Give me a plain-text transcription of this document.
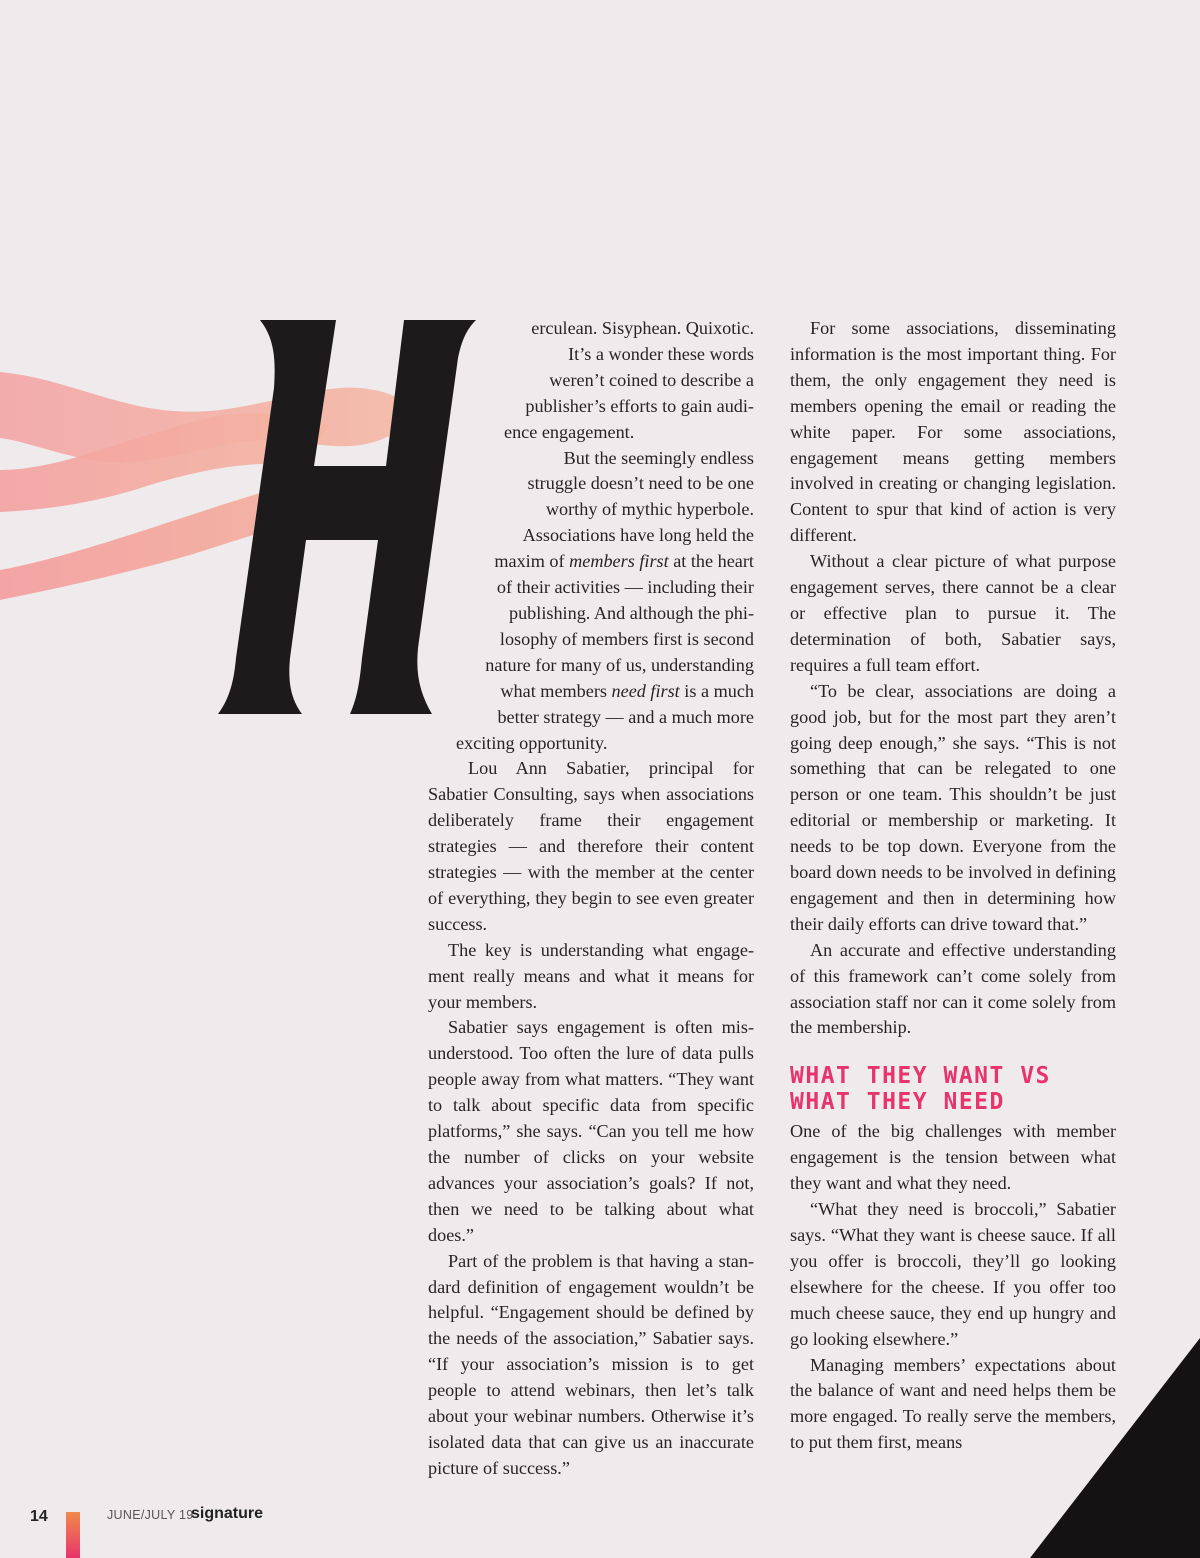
erculean. Sisyphean. Quixotic.
It’s a wonder these words
weren’t coined to describe a
publisher’s efforts to gain audi-
ence engagement.
But the seemingly endless
struggle doesn’t need to be one
worthy of mythic hyperbole.
Associations have long held the
maxim of members first at the heart
of their activities — including their
publishing. And although the phi-
losophy of members first is second
nature for many of us, understanding
what members need first is a much
better strategy — and a much more
exciting opportunity.

Lou Ann Sabatier, principal for Sabatier Consulting, says when associations deliberately frame their engagement strategies — and therefore their content strategies — with the member at the center of everything, they begin to see even greater success.

The key is understanding what engagement really means and what it means for your members.

Sabatier says engagement is often misunderstood. Too often the lure of data pulls people away from what matters. “They want to talk about specific data from specific platforms,” she says. “Can you tell me how the number of clicks on your website advances your association’s goals? If not, then we need to be talking about what does.”

Part of the problem is that having a standard definition of engagement wouldn’t be helpful. “Engagement should be defined by the needs of the association,” Sabatier says. “If your association’s mission is to get people to attend webinars, then let’s talk about your webinar numbers. Otherwise it’s isolated data that can give us an inaccurate picture of success.”

For some associations, disseminating information is the most important thing. For them, the only engagement they need is members opening the email or reading the white paper. For some associations, engagement means getting members involved in creating or changing legislation. Content to spur that kind of action is very different.

Without a clear picture of what purpose engagement serves, there cannot be a clear or effective plan to pursue it. The determination of both, Sabatier says, requires a full team effort.

“To be clear, associations are doing a good job, but for the most part they aren’t going deep enough,” she says. “This is not something that can be relegated to one person or one team. This shouldn’t be just editorial or membership or marketing. It needs to be top down. Everyone from the board down needs to be involved in defining engagement and then in determining how their daily efforts can drive toward that.”

An accurate and effective understanding of this framework can’t come solely from association staff nor can it come solely from the membership.

WHAT THEY WANT VS
WHAT THEY NEED

One of the big challenges with member engagement is the tension between what they want and what they need.

“What they need is broccoli,” Sabatier says. “What they want is cheese sauce. If all you offer is broccoli, they’ll go looking elsewhere for the cheese. If you offer too much cheese sauce, they end up hungry and go looking elsewhere.”

Managing members’ expectations about the balance of want and need helps them be more engaged. To really serve the members, to put them first, means

14	JUNE/JULY 19
signature
